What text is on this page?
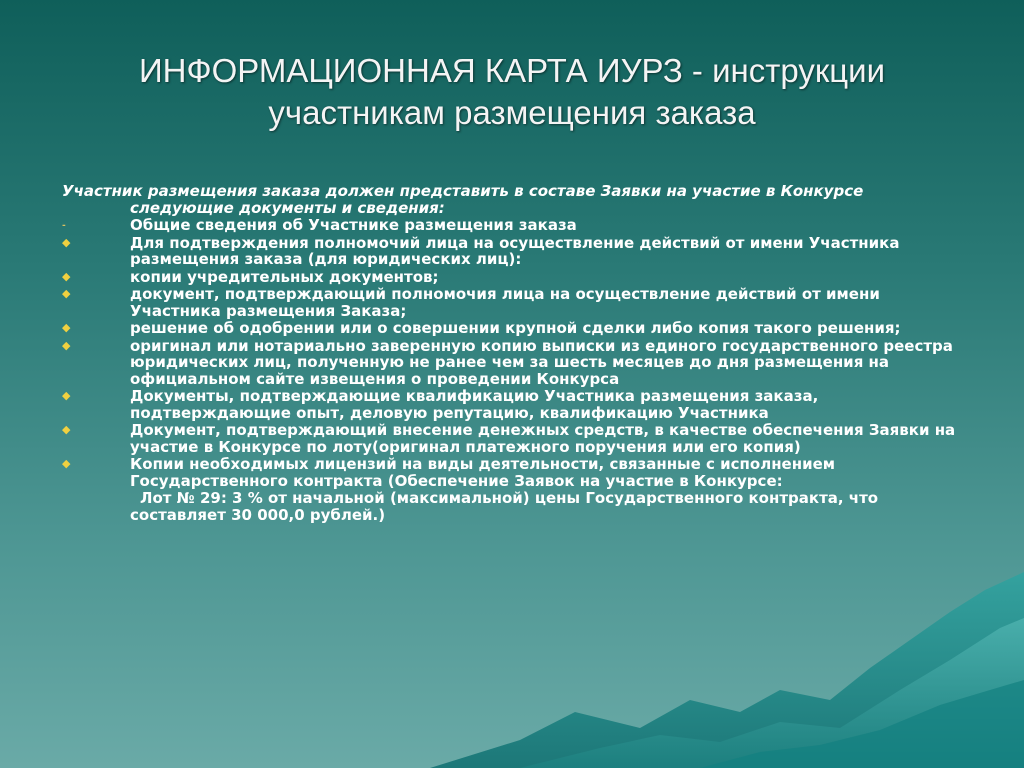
ИНФОРМАЦИОННАЯ КАРТА ИУРЗ - инструкции
участникам размещения заказа
Участник размещения заказа должен представить в составе Заявки на участие в Конкурсе следующие документы и сведения:
-	Общие сведения об Участнике размещения заказа
◆	Для подтверждения полномочий лица на осуществление действий от имени Участника размещения заказа (для юридических лиц):
◆	копии учредительных документов;
◆	документ, подтверждающий полномочия лица на осуществление действий от имени Участника размещения Заказа;
◆	решение об одобрении или о совершении крупной сделки либо копия такого решения;
◆	оригинал или нотариально заверенную копию выписки из единого государственного реестра юридических лиц, полученную не ранее чем за шесть месяцев до дня размещения на официальном сайте извещения о проведении Конкурса
◆	Документы, подтверждающие квалификацию Участника размещения заказа, подтверждающие опыт, деловую репутацию, квалификацию Участника
◆	Документ, подтверждающий внесение денежных средств, в качестве обеспечения Заявки на участие в Конкурсе по лоту(оригинал платежного поручения или его копия)
◆	Копии необходимых лицензий на виды деятельности, связанные с исполнением Государственного контракта (Обеспечение Заявок на участие в Конкурсе:
Лот № 29: 3 % от начальной (максимальной) цены Государственного контракта, что составляет 30 000,0 рублей.)
